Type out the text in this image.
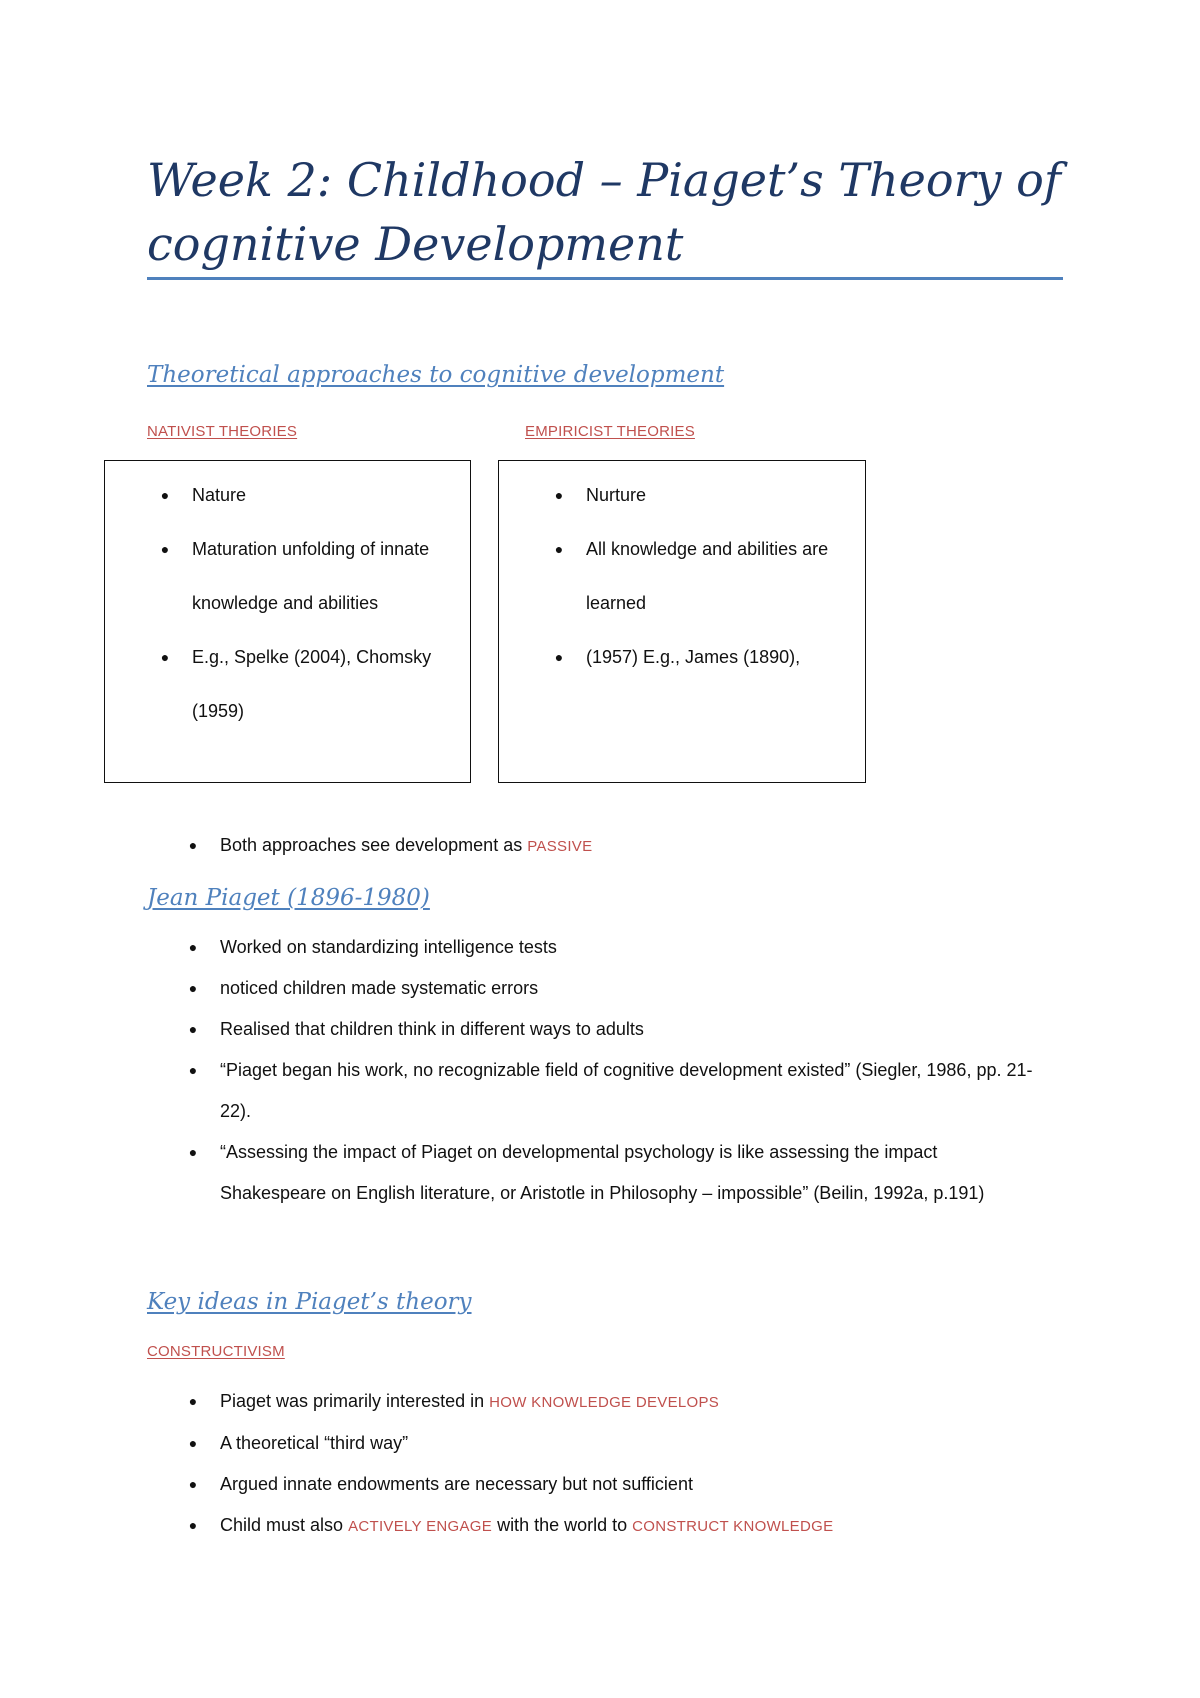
Week 2: Childhood – Piaget’s Theory of cognitive Development
Theoretical approaches to cognitive development

NATIVIST THEORIES	EMPIRICIST THEORIES

●	Nature
●	Maturation unfolding of innate knowledge and abilities
●	E.g., Spelke (2004), Chomsky (1959)
●	Nurture
●	All knowledge and abilities are learned
●	(1957) E.g., James (1890),
●	Both approaches see development as PASSIVE
Jean Piaget (1896-1980)
●	Worked on standardizing intelligence tests
●	noticed children made systematic errors
●	Realised that children think in different ways to adults
●	“Piaget began his work, no recognizable field of cognitive development existed” (Siegler, 1986, pp. 21-22).
●	“Assessing the impact of Piaget on developmental psychology is like assessing the impact Shakespeare on English literature, or Aristotle in Philosophy – impossible” (Beilin, 1992a, p.191)
Key ideas in Piaget’s theory

CONSTRUCTIVISM

●	Piaget was primarily interested in HOW KNOWLEDGE DEVELOPS
●	A theoretical “third way”
●	Argued innate endowments are necessary but not sufficient
●	Child must also ACTIVELY ENGAGE with the world to CONSTRUCT KNOWLEDGE
